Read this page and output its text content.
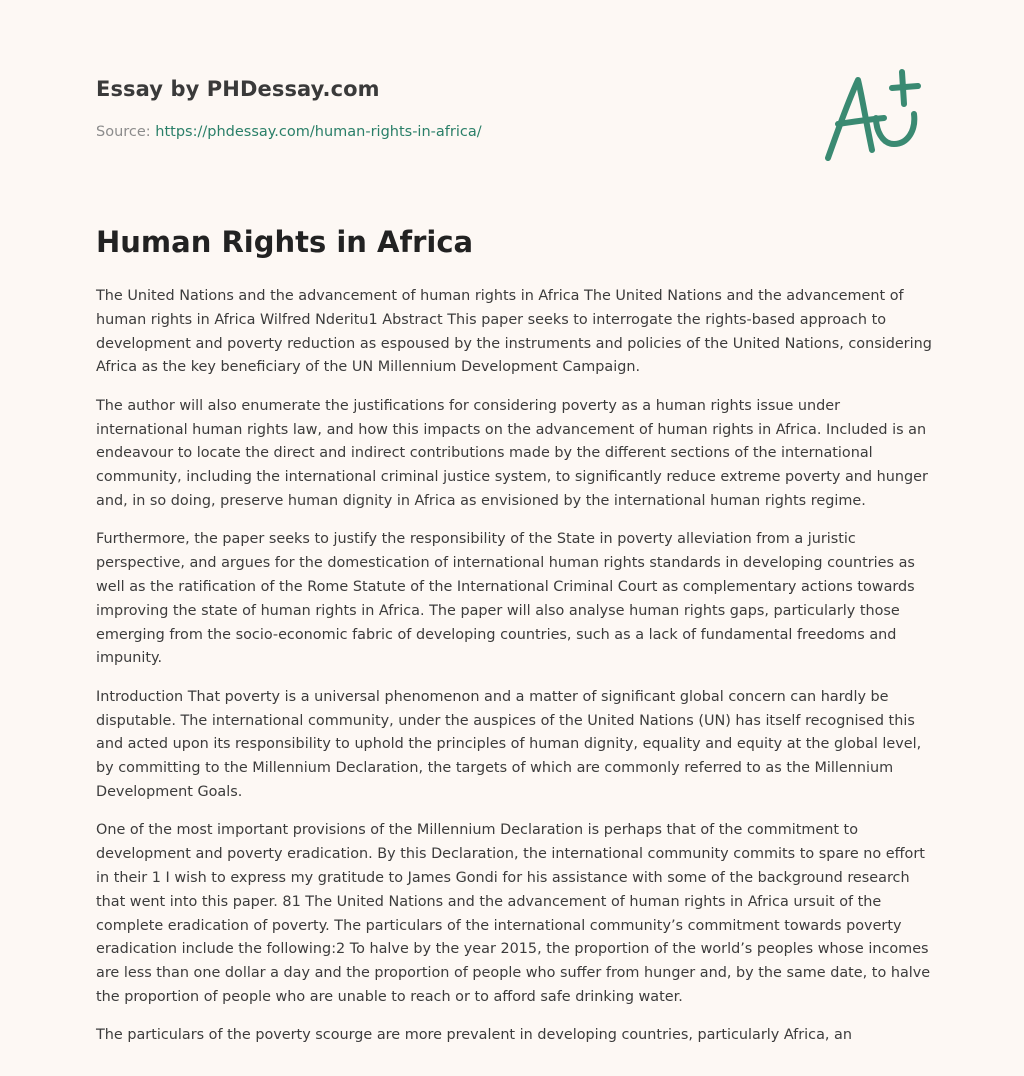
Essay by PHDessay.com
Source: https://phdessay.com/human-rights-in-africa/
Human Rights in Africa

The United Nations and the advancement of human rights in Africa The United Nations and the advancement of human rights in Africa Wilfred Nderitu1 Abstract This paper seeks to interrogate the rights-based approach to development and poverty reduction as espoused by the instruments and policies of the United Nations, considering Africa as the key beneficiary of the UN Millennium Development Campaign.

The author will also enumerate the justifications for considering poverty as a human rights issue under international human rights law, and how this impacts on the advancement of human rights in Africa. Included is an endeavour to locate the direct and indirect contributions made by the different sections of the international community, including the international criminal justice system, to significantly reduce extreme poverty and hunger and, in so doing, preserve human dignity in Africa as envisioned by the international human rights regime.

Furthermore, the paper seeks to justify the responsibility of the State in poverty alleviation from a juristic perspective, and argues for the domestication of international human rights standards in developing countries as well as the ratification of the Rome Statute of the International Criminal Court as complementary actions towards improving the state of human rights in Africa. The paper will also analyse human rights gaps, particularly those emerging from the socio-economic fabric of developing countries, such as a lack of fundamental freedoms and impunity.

Introduction That poverty is a universal phenomenon and a matter of significant global concern can hardly be disputable. The international community, under the auspices of the United Nations (UN) has itself recognised this and acted upon its responsibility to uphold the principles of human dignity, equality and equity at the global level, by committing to the Millennium Declaration, the targets of which are commonly referred to as the Millennium Development Goals.

One of the most important provisions of the Millennium Declaration is perhaps that of the commitment to development and poverty eradication. By this Declaration, the international community commits to spare no effort in their 1 I wish to express my gratitude to James Gondi for his assistance with some of the background research that went into this paper. 81 The United Nations and the advancement of human rights in Africa ursuit of the complete eradication of poverty. The particulars of the international community’s commitment towards poverty eradication include the following:2 To halve by the year 2015, the proportion of the world’s peoples whose incomes are less than one dollar a day and the proportion of people who suffer from hunger and, by the same date, to halve the proportion of people who are unable to reach or to afford safe drinking water.

The particulars of the poverty scourge are more prevalent in developing countries, particularly Africa, an
